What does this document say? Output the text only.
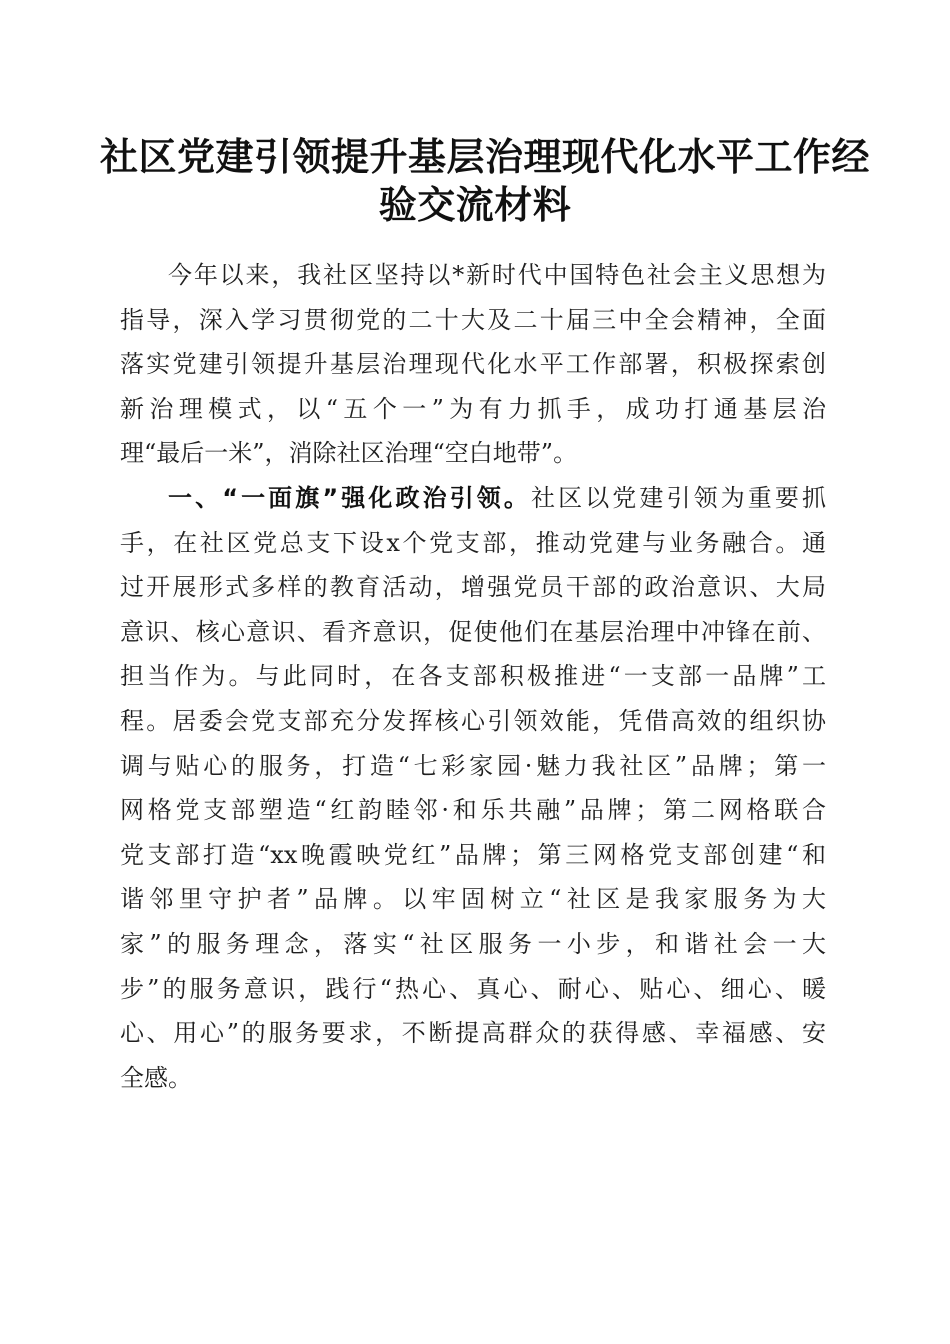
社区党建引领提升基层治理现代化水平工作经
验交流材料
今年以来，我社区坚持以*新时代中国特色社会主义思想为
指导，深入学习贯彻党的二十大及二十届三中全会精神，全面
落实党建引领提升基层治理现代化水平工作部署，积极探索创
新治理模式，以“五个一”为有力抓手，成功打通基层治
理“最后一米”，消除社区治理“空白地带”。
一、“一面旗”强化政治引领。社区以党建引领为重要抓
手，在社区党总支下设x个党支部，推动党建与业务融合。通
过开展形式多样的教育活动，增强党员干部的政治意识、大局
意识、核心意识、看齐意识，促使他们在基层治理中冲锋在前、
担当作为。与此同时，在各支部积极推进“一支部一品牌”工
程。居委会党支部充分发挥核心引领效能，凭借高效的组织协
调与贴心的服务，打造“七彩家园·魅力我社区”品牌；第一
网格党支部塑造“红韵睦邻·和乐共融”品牌；第二网格联合
党支部打造“xx晚霞映党红”品牌；第三网格党支部创建“和
谐邻里守护者”品牌。以牢固树立“社区是我家服务为大
家”的服务理念，落实“社区服务一小步，和谐社会一大
步”的服务意识，践行“热心、真心、耐心、贴心、细心、暖
心、用心”的服务要求，不断提高群众的获得感、幸福感、安
全感。
